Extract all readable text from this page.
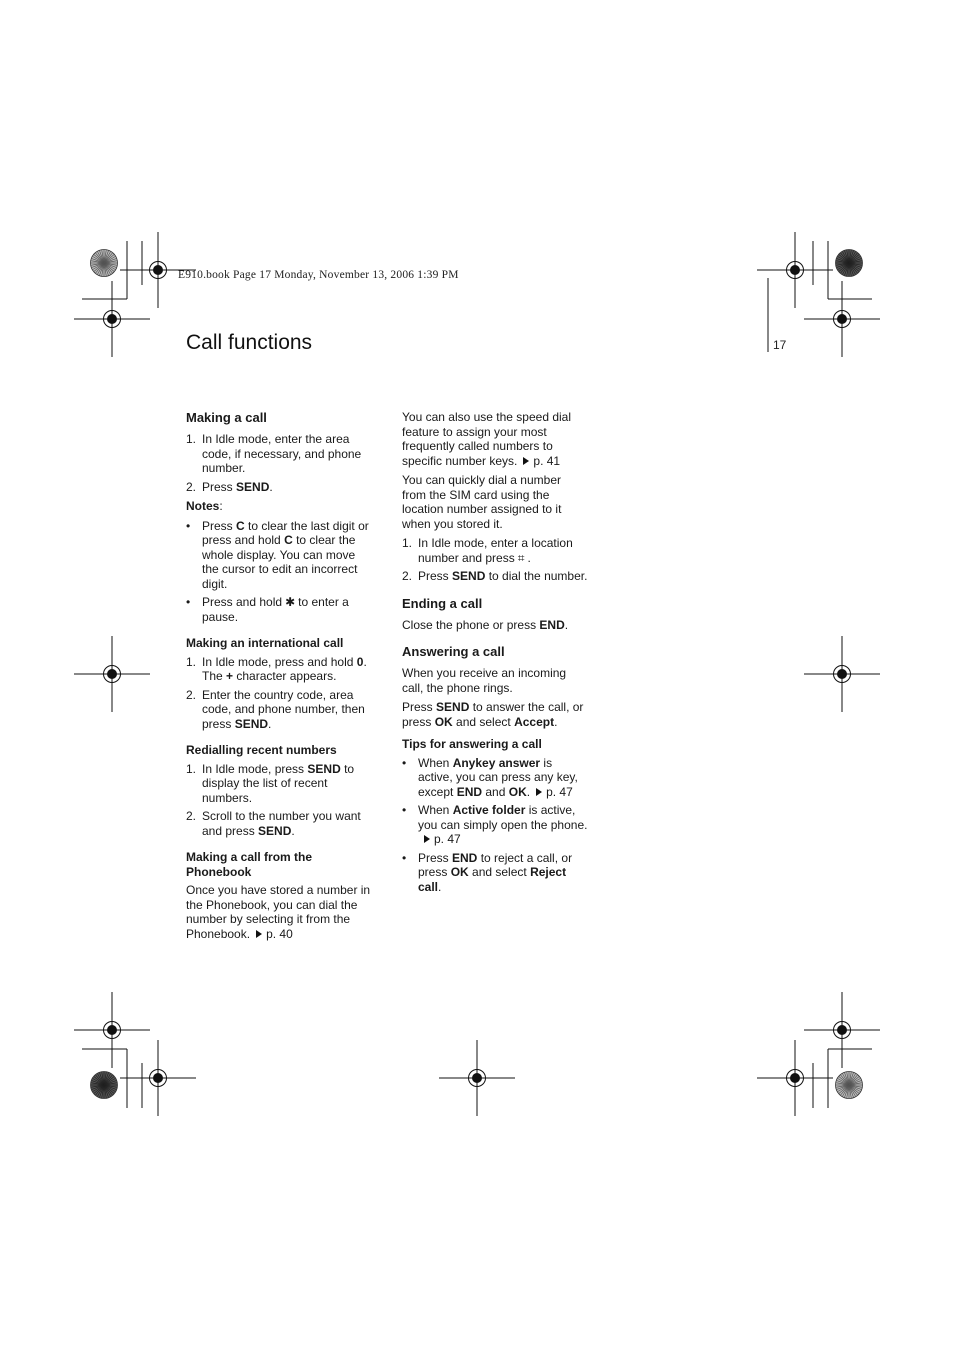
E910.book Page 17 Monday, November 13, 2006 1:39 PM
17
Call functions
Making a call
1. In Idle mode, enter the area code, if necessary, and phone number.
2. Press SEND.

Notes:

• Press C to clear the last digit or press and hold C to clear the whole display. You can move the cursor to edit an incorrect digit.
• Press and hold ✱ to enter a pause.
Making an international call
1. In Idle mode, press and hold 0. The + character appears.
2. Enter the country code, area code, and phone number, then press SEND.
Redialling recent numbers
1. In Idle mode, press SEND to display the list of recent numbers.
2. Scroll to the number you want and press SEND.
Making a call from the Phonebook

Once you have stored a number in the Phonebook, you can dial the number by selecting it from the Phonebook. p. 40

You can also use the speed dial feature to assign your most frequently called numbers to specific number keys. p. 41

You can quickly dial a number from the SIM card using the location number assigned to it when you stored it.

1. In Idle mode, enter a location number and press ⌗ .
2. Press SEND to dial the number.
Ending a call

Close the phone or press END.

Answering a call

When you receive an incoming call, the phone rings.

Press SEND to answer the call, or press OK and select Accept.

Tips for answering a call
• When Anykey answer is active, you can press any key, except END and OK. p. 47
• When Active folder is active, you can simply open the phone.p. 47
• Press END to reject a call, or press OK and select Reject call.
